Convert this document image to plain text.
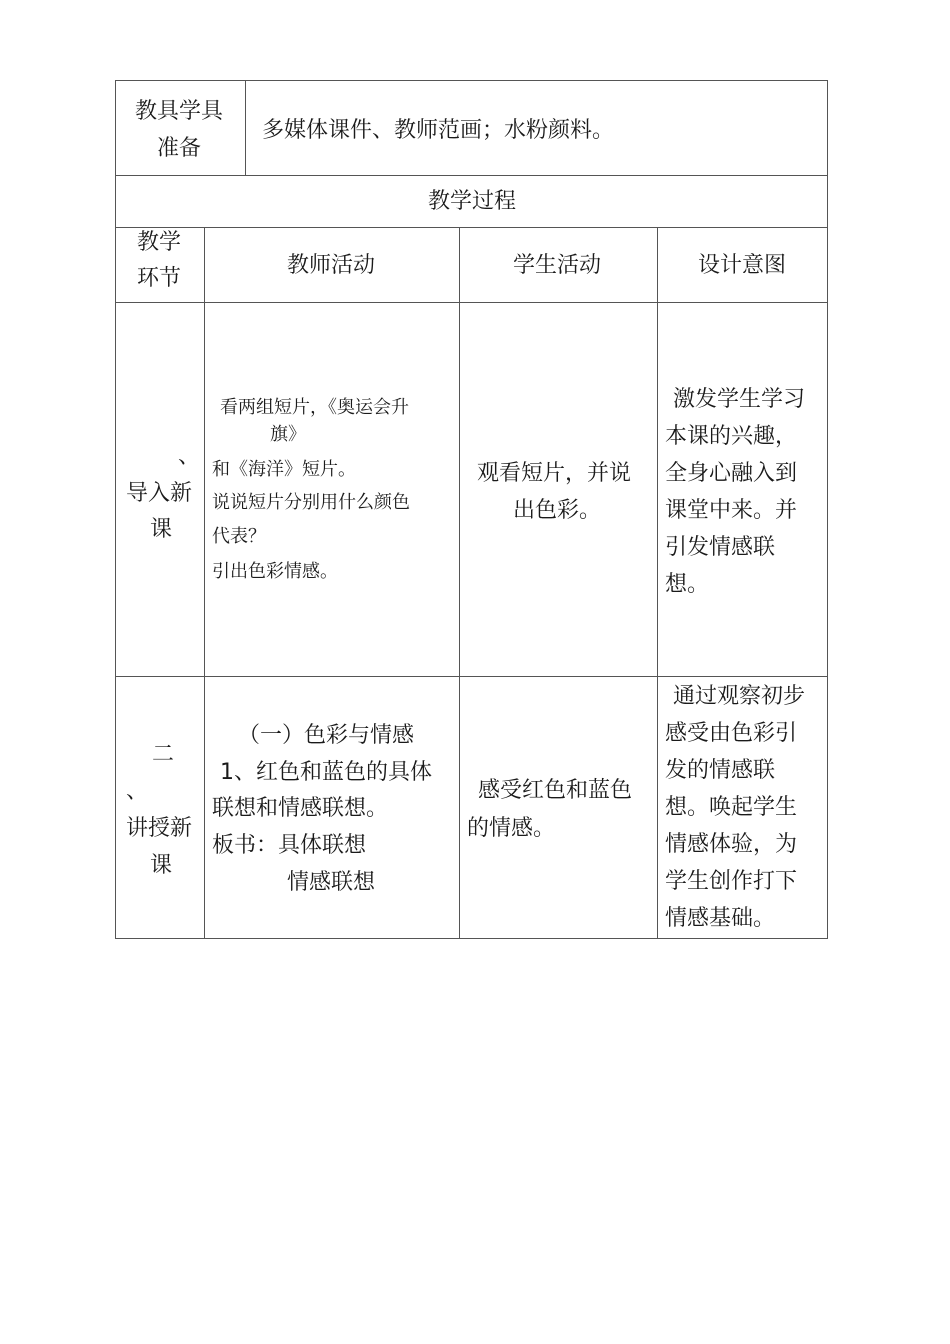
教具学具
准备
多媒体课件、教师范画；水粉颜料。
教学过程
教学
环节
教师活动	学生活动	设计意图
、
导入新
课
看两组短片，《奥运会升
旗》
和《海洋》短片。
说说短片分别用什么颜色
代表？
引出色彩情感。
观看短片，并说
出色彩。
激发学生学习
本课的兴趣，
全身心融入到
课堂中来。并
引发情感联
想。
二
、
讲授新
课
（一）色彩与情感
1、红色和蓝色的具体
联想和情感联想。
板书：具体联想
情感联想
感受红色和蓝色
的情感。
通过观察初步
感受由色彩引
发的情感联
想。唤起学生
情感体验，为
学生创作打下
情感基础。
